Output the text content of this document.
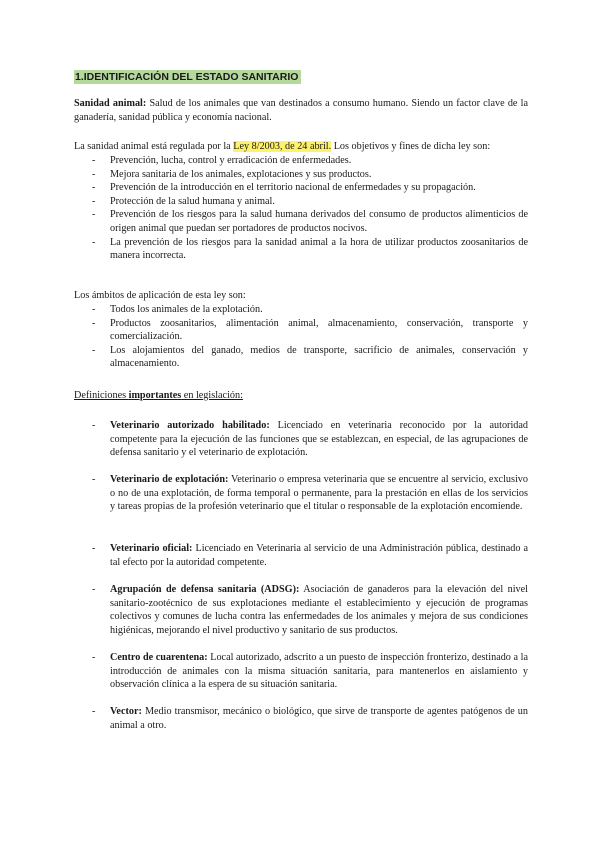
1.IDENTIFICACIÓN DEL ESTADO SANITARIO
Sanidad animal: Salud de los animales que van destinados a consumo humano. Siendo un factor clave de la ganadería, sanidad pública y economía nacional.
La sanidad animal está regulada por la Ley 8/2003, de 24 abril. Los objetivos y fines de dicha ley son:
- Prevención, lucha, control y erradicación de enfermedades.
- Mejora sanitaria de los animales, explotaciones y sus productos.
- Prevención de la introducción en el territorio nacional de enfermedades y su propagación.
- Protección de la salud humana y animal.
- Prevención de los riesgos para la salud humana derivados del consumo de productos alimenticios de origen animal que puedan ser portadores de productos nocivos.
- La prevención de los riesgos para la sanidad animal a la hora de utilizar productos zoosanitarios de manera incorrecta.
Los ámbitos de aplicación de esta ley son:
- Todos los animales de la explotación.
- Productos zoosanitarios, alimentación animal, almacenamiento, conservación, transporte y comercialización.
- Los alojamientos del ganado, medios de transporte, sacrificio de animales, conservación y almacenamiento.
Definiciones importantes en legislación:
- Veterinario autorizado habilitado: Licenciado en veterinaria reconocido por la autoridad competente para la ejecución de las funciones que se establezcan, en especial, de las agrupaciones de defensa sanitario y el veterinario de explotación.
- Veterinario de explotación: Veterinario o empresa veterinaria que se encuentre al servicio, exclusivo o no de una explotación, de forma temporal o permanente, para la prestación en ellas de los servicios y tareas propias de la profesión veterinario que el titular o responsable de la explotación encomiende.
- Veterinario oficial: Licenciado en Veterinaria al servicio de una Administración pública, destinado a tal efecto por la autoridad competente.
- Agrupación de defensa sanitaria (ADSG): Asociación de ganaderos para la elevación del nivel sanitario-zootécnico de sus explotaciones mediante el establecimiento y ejecución de programas colectivos y comunes de lucha contra las enfermedades de los animales y mejora de sus condiciones higiénicas, mejorando el nivel productivo y sanitario de sus productos.
- Centro de cuarentena: Local autorizado, adscrito a un puesto de inspección fronterizo, destinado a la introducción de animales con la misma situación sanitaria, para mantenerlos en aislamiento y observación clínica a la espera de su situación sanitaria.
- Vector: Medio transmisor, mecánico o biológico, que sirve de transporte de agentes patógenos de un animal a otro.
